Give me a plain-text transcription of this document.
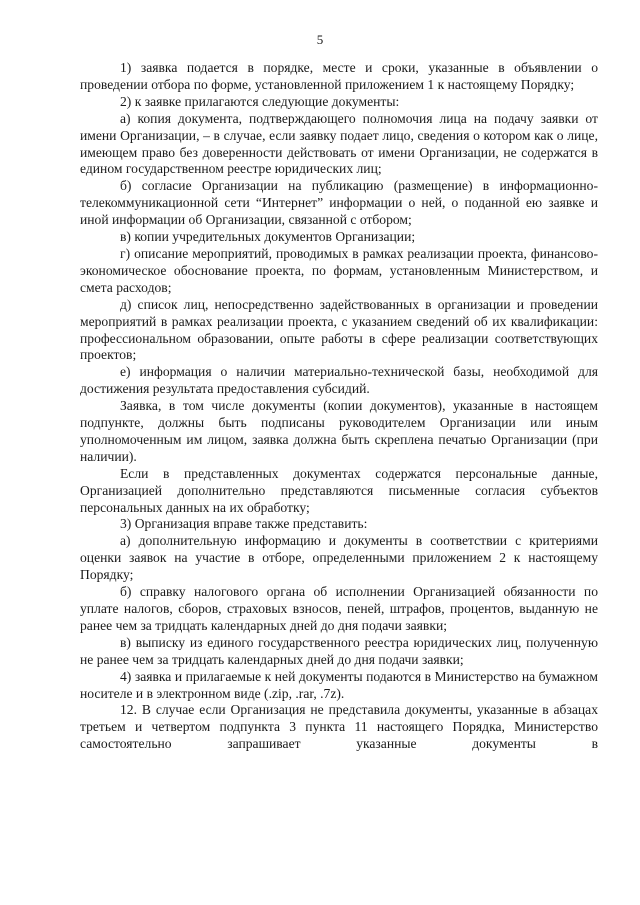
5

1) заявка подается в порядке, месте и сроки, указанные в объявлении о проведении отбора по форме, установленной приложением 1 к настоящему Порядку;

2) к заявке прилагаются следующие документы:

а) копия документа, подтверждающего полномочия лица на подачу заявки от имени Организации, – в случае, если заявку подает лицо, сведения о котором как о лице, имеющем право без доверенности действовать от имени Организации, не содержатся в едином государственном реестре юридических лиц;

б) согласие Организации на публикацию (размещение) в информационно-телекоммуникационной сети “Интернет” информации о ней, о поданной ею заявке и иной информации об Организации, связанной с отбором;

в) копии учредительных документов Организации;

г) описание мероприятий, проводимых в рамках реализации проекта, финансово-экономическое обоснование проекта, по формам, установленным Министерством, и смета расходов;

д) список лиц, непосредственно задействованных в организации и проведении мероприятий в рамках реализации проекта, с указанием сведений об их квалификации: профессиональном образовании, опыте работы в сфере реализации соответствующих проектов;

е) информация о наличии материально-технической базы, необходимой для достижения результата предоставления субсидий.

Заявка, в том числе документы (копии документов), указанные в настоящем подпункте, должны быть подписаны руководителем Организации или иным уполномоченным им лицом, заявка должна быть скреплена печатью Организации (при наличии).

Если в представленных документах содержатся персональные данные, Организацией дополнительно представляются письменные согласия субъектов персональных данных на их обработку;

3) Организация вправе также представить:

а) дополнительную информацию и документы в соответствии с критериями оценки заявок на участие в отборе, определенными приложением 2 к настоящему Порядку;

б) справку налогового органа об исполнении Организацией обязанности по уплате налогов, сборов, страховых взносов, пеней, штрафов, процентов, выданную не ранее чем за тридцать календарных дней до дня подачи заявки;

в) выписку из единого государственного реестра юридических лиц, полученную не ранее чем за тридцать календарных дней до дня подачи заявки;

4) заявка и прилагаемые к ней документы подаются в Министерство на бумажном носителе и в электронном виде (.zip, .rar, .7z).

12. В случае если Организация не представила документы, указанные в абзацах третьем и четвертом подпункта 3 пункта 11 настоящего Порядка, Министерство самостоятельно запрашивает указанные документы в
